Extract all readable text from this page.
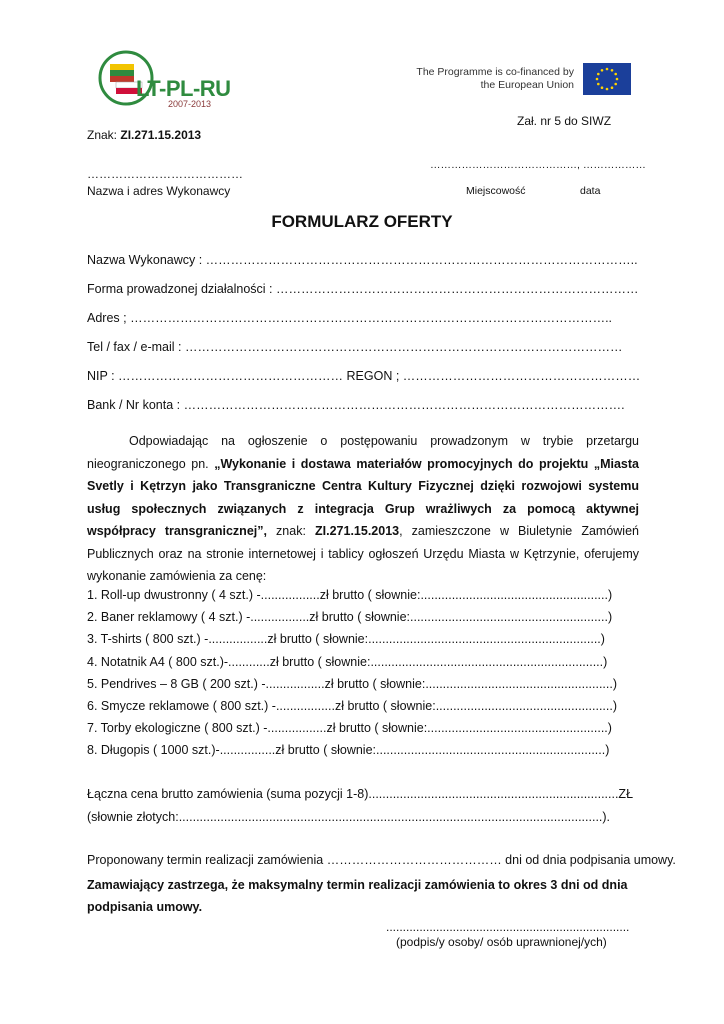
LT-PL-RU
2007-2013
The Programme is co-financed by the European Union
Zał. nr 5 do SIWZ
Znak: ZI.271.15.2013
……………………………………, ………………
…………………………………
Nazwa i adres Wykonawcy	Miejscowość	data
FORMULARZ OFERTY
Nazwa Wykonawcy : …………………………………………………………………………………………..
Forma prowadzonej działalności : ……………………………………………………………………………
Adres ; ……………………………………………………………………………………………………..
Tel / fax / e-mail : ……………………………………………………………………………………………
NIP : ……………………………………………… REGON ; …………………………………………………
Bank / Nr konta : …………………………………………………………………………………………….
Odpowiadając na ogłoszenie o postępowaniu prowadzonym w trybie przetargu nieograniczonego pn. „Wykonanie i dostawa materiałów promocyjnych do projektu „Miasta Svetly i Kętrzyn jako Transgraniczne Centra Kultury Fizycznej dzięki rozwojowi systemu usług społecznych związanych z integracja Grup wrażliwych za pomocą aktywnej współpracy transgranicznej”, znak: ZI.271.15.2013, zamieszczone w Biuletynie Zamówień Publicznych oraz na stronie internetowej i tablicy ogłoszeń Urzędu Miasta w Kętrzynie, oferujemy wykonanie zamówienia za cenę:
1. Roll-up dwustronny ( 4 szt.) -.................zł brutto ( słownie:......................................................)
2. Baner reklamowy ( 4 szt.) -.................zł brutto ( słownie:.........................................................)
3. T-shirts ( 800 szt.) -.................zł brutto ( słownie:...................................................................)
4. Notatnik A4 ( 800 szt.)-............zł brutto ( słownie:...................................................................)
5. Pendrives – 8 GB ( 200 szt.) -.................zł brutto ( słownie:......................................................)
6. Smycze reklamowe ( 800 szt.) -.................zł brutto ( słownie:...................................................)
7. Torby ekologiczne ( 800 szt.) -.................zł brutto ( słownie:....................................................)
8. Długopis ( 1000 szt.)-................zł brutto ( słownie:..................................................................)
Łączna cena brutto zamówienia (suma pozycji 1-8)........................................................................ZŁ
(słownie złotych:..........................................................................................................................).
Proponowany termin realizacji zamówienia …………………………………… dni od dnia podpisania umowy.
Zamawiający zastrzega, że maksymalny termin realizacji zamówienia to okres 3 dni od dnia podpisania umowy.
.........................................................................
(podpis/y osoby/ osób uprawnionej/ych)
